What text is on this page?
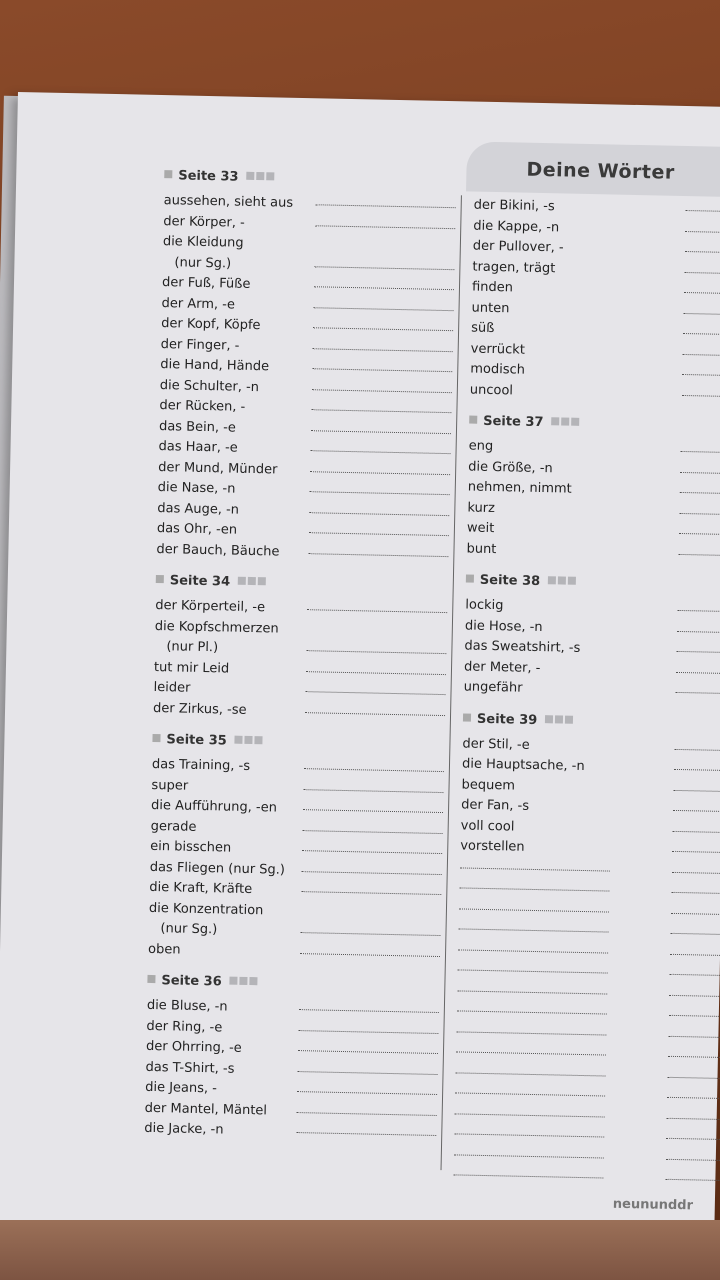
Deine Wörter
Seite 33
aussehen, sieht aus
der Körper, -
die Kleidung
(nur Sg.)
der Fuß, Füße
der Arm, -e
der Kopf, Köpfe
der Finger, -
die Hand, Hände
die Schulter, -n
der Rücken, -
das Bein, -e
das Haar, -e
der Mund, Münder
die Nase, -n
das Auge, -n
das Ohr, -en
der Bauch, Bäuche
Seite 34
der Körperteil, -e
die Kopfschmerzen
(nur Pl.)
tut mir Leid
leider
der Zirkus, -se
Seite 35
das Training, -s
super
die Aufführung, -en
gerade
ein bisschen
das Fliegen (nur Sg.)
die Kraft, Kräfte
die Konzentration
(nur Sg.)
oben
Seite 36
die Bluse, -n
der Ring, -e
der Ohrring, -e
das T-Shirt, -s
die Jeans, -
der Mantel, Mäntel
die Jacke, -n
der Bikini, -s
die Kappe, -n
der Pullover, -
tragen, trägt
finden
unten
süß
verrückt
modisch
uncool
Seite 37
eng
die Größe, -n
nehmen, nimmt
kurz
weit
bunt
Seite 38
lockig
die Hose, -n
das Sweatshirt, -s
der Meter, -
ungefähr
Seite 39
der Stil, -e
die Hauptsache, -n
bequem
der Fan, -s
voll cool
vorstellen
neununddr
